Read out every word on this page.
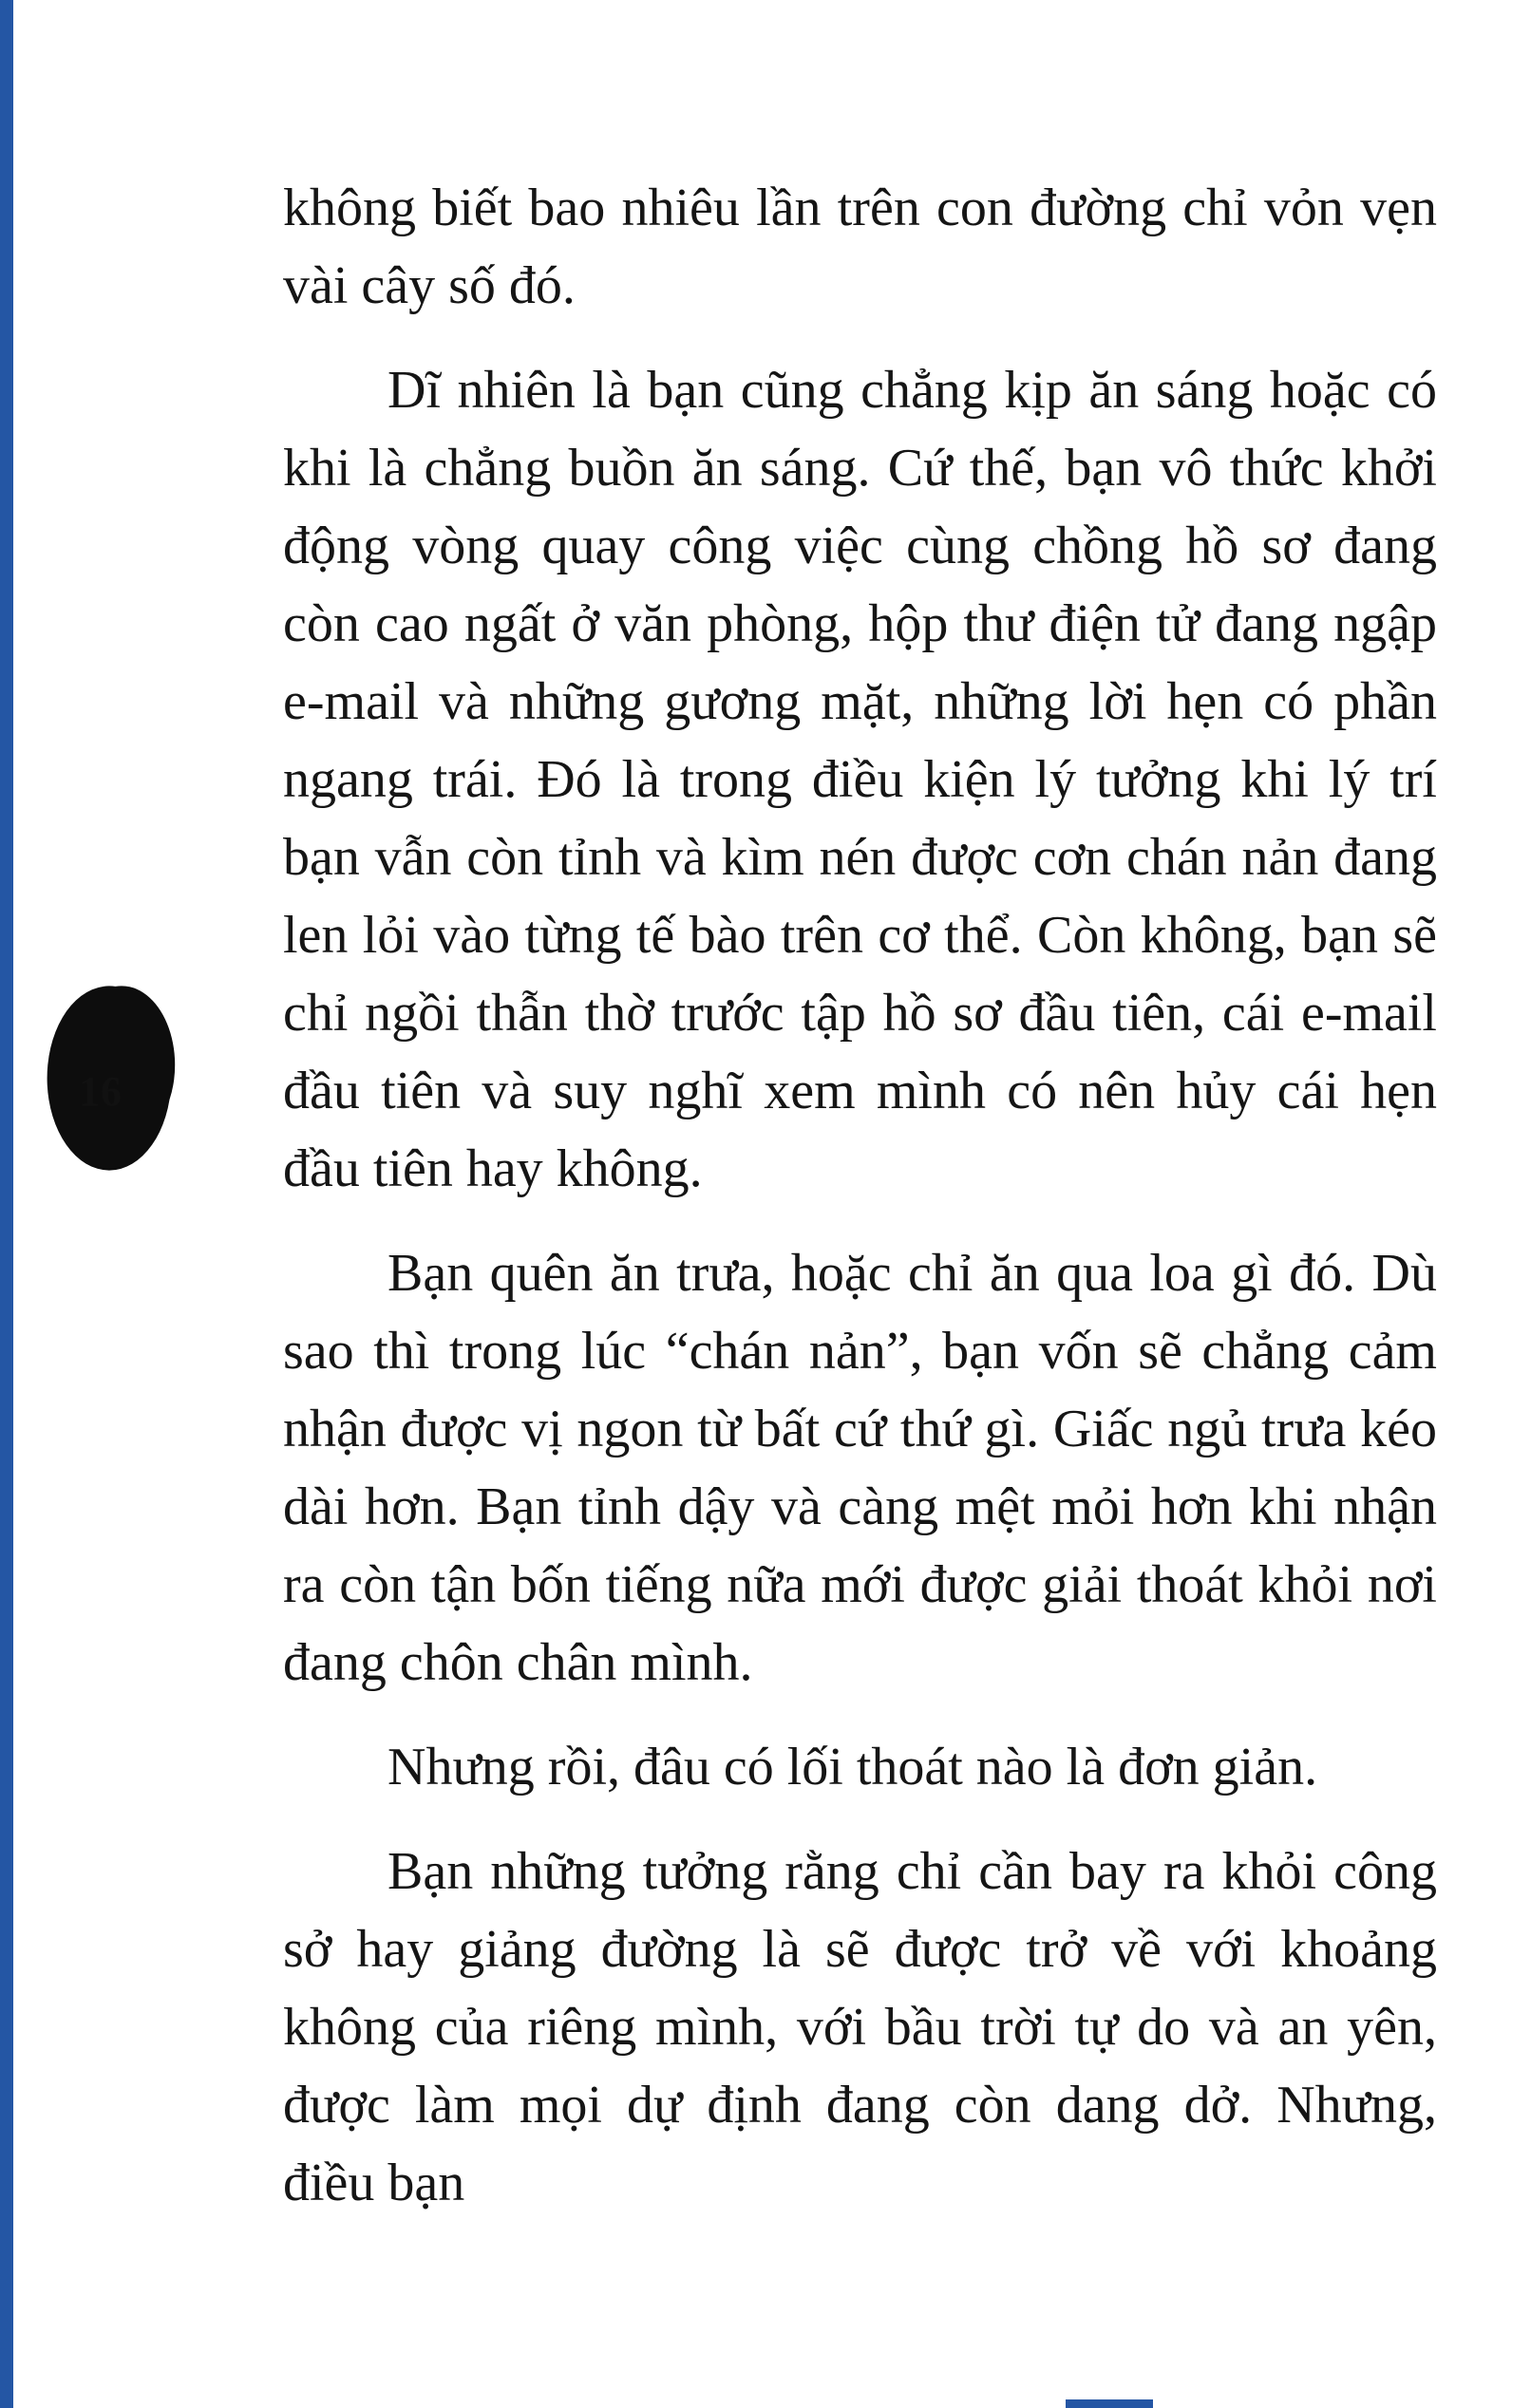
16

không biết bao nhiêu lần trên con đường chỉ vỏn vẹn vài cây số đó.

Dĩ nhiên là bạn cũng chẳng kịp ăn sáng hoặc có khi là chẳng buồn ăn sáng. Cứ thế, bạn vô thức khởi động vòng quay công việc cùng chồng hồ sơ đang còn cao ngất ở văn phòng, hộp thư điện tử đang ngập e-mail và những gương mặt, những lời hẹn có phần ngang trái. Đó là trong điều kiện lý tưởng khi lý trí bạn vẫn còn tỉnh và kìm nén được cơn chán nản đang len lỏi vào từng tế bào trên cơ thể. Còn không, bạn sẽ chỉ ngồi thẫn thờ trước tập hồ sơ đầu tiên, cái e-mail đầu tiên và suy nghĩ xem mình có nên hủy cái hẹn đầu tiên hay không.

Bạn quên ăn trưa, hoặc chỉ ăn qua loa gì đó. Dù sao thì trong lúc “chán nản”, bạn vốn sẽ chẳng cảm nhận được vị ngon từ bất cứ thứ gì. Giấc ngủ trưa kéo dài hơn. Bạn tỉnh dậy và càng mệt mỏi hơn khi nhận ra còn tận bốn tiếng nữa mới được giải thoát khỏi nơi đang chôn chân mình.

Nhưng rồi, đâu có lối thoát nào là đơn giản.

Bạn những tưởng rằng chỉ cần bay ra khỏi công sở hay giảng đường là sẽ được trở về với khoảng không của riêng mình, với bầu trời tự do và an yên, được làm mọi dự định đang còn dang dở. Nhưng, điều bạn
